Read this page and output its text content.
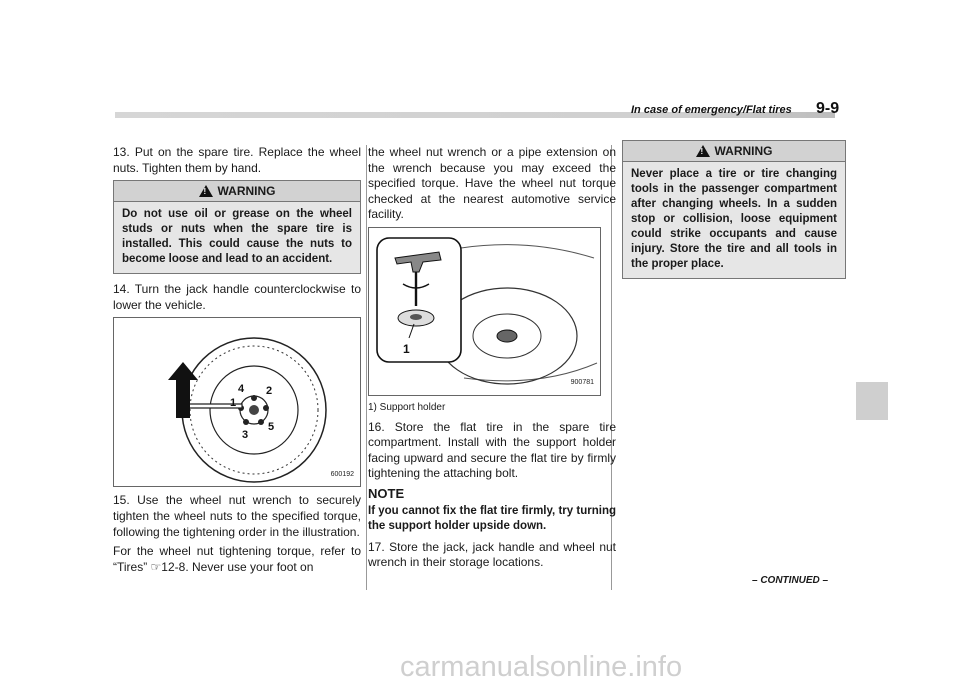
In case of emergency/Flat tires 9-9

13. Put on the spare tire. Replace the wheel nuts. Tighten them by hand.

!WARNING
Do not use oil or grease on the wheel studs or nuts when the spare tire is installed. This could cause the nuts to become loose and lead to an accident.

14. Turn the jack handle counterclockwise to lower the vehicle.

1
2
3
4
5
600192

15. Use the wheel nut wrench to securely tighten the wheel nuts to the specified torque, following the tightening order in the illustration.

For the wheel nut tightening torque, refer to “Tires” ☞12-8. Never use your foot on

the wheel nut wrench or a pipe extension on the wrench because you may exceed the specified torque. Have the wheel nut torque checked at the nearest automotive service facility.

1
900781

1) Support holder

16. Store the flat tire in the spare tire compartment. Install with the support holder facing upward and secure the flat tire by firmly tightening the attaching bolt.

NOTE
If you cannot fix the flat tire firmly, try turning the support holder upside down.

17. Store the jack, jack handle and wheel nut wrench in their storage locations.

!WARNING
Never place a tire or tire changing tools in the passenger compartment after changing wheels. In a sudden stop or collision, loose equipment could strike occupants and cause injury. Store the tire and all tools in the proper place.
– CONTINUED –
carmanualsonline.info
